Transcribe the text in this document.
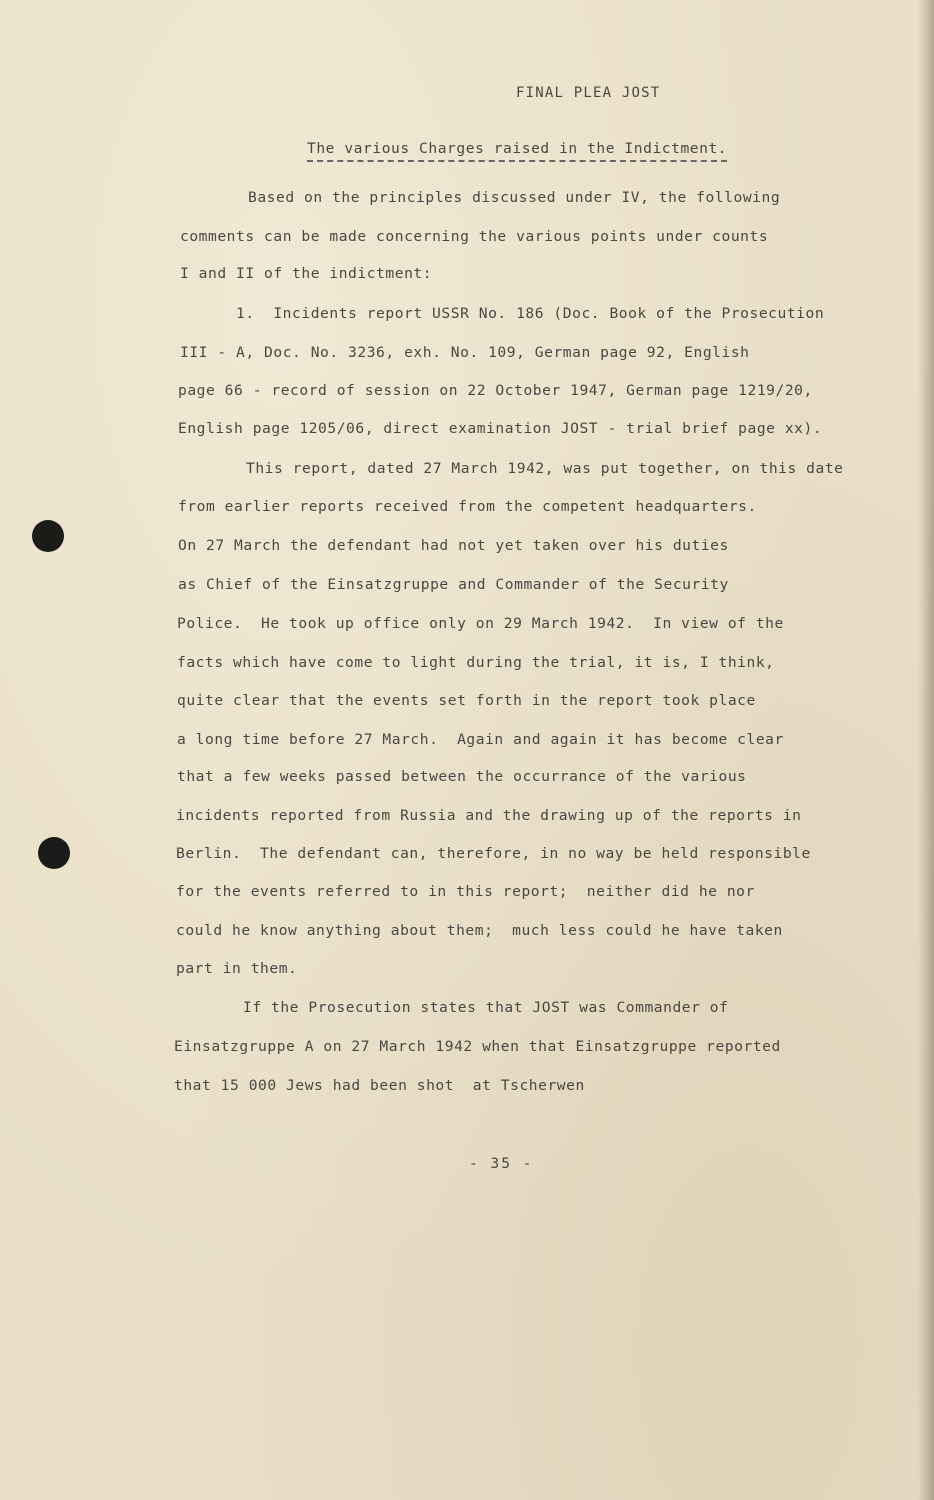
FINAL PLEA JOST
The various Charges raised in the Indictment.
Based on the principles discussed under IV, the following
comments can be made concerning the various points under counts
I and II of the indictment:
1.  Incidents report USSR No. 186 (Doc. Book of the Prosecution
III - A, Doc. No. 3236, exh. No. 109, German page 92, English
page 66 - record of session on 22 October 1947, German page 1219/20,
English page 1205/06, direct examination JOST - trial brief page xx).
This report, dated 27 March 1942, was put together, on this date
from earlier reports received from the competent headquarters.
On 27 March the defendant had not yet taken over his duties
as Chief of the Einsatzgruppe and Commander of the Security
Police.  He took up office only on 29 March 1942.  In view of the
facts which have come to light during the trial, it is, I think,
quite clear that the events set forth in the report took place
a long time before 27 March.  Again and again it has become clear
that a few weeks passed between the occurrance of the various
incidents reported from Russia and the drawing up of the reports in
Berlin.  The defendant can, therefore, in no way be held responsible
for the events referred to in this report;  neither did he nor
could he know anything about them;  much less could he have taken
part in them.
If the Prosecution states that JOST was Commander of
Einsatzgruppe A on 27 March 1942 when that Einsatzgruppe reported
that 15 000 Jews had been shot  at Tscherwen
- 35 -
